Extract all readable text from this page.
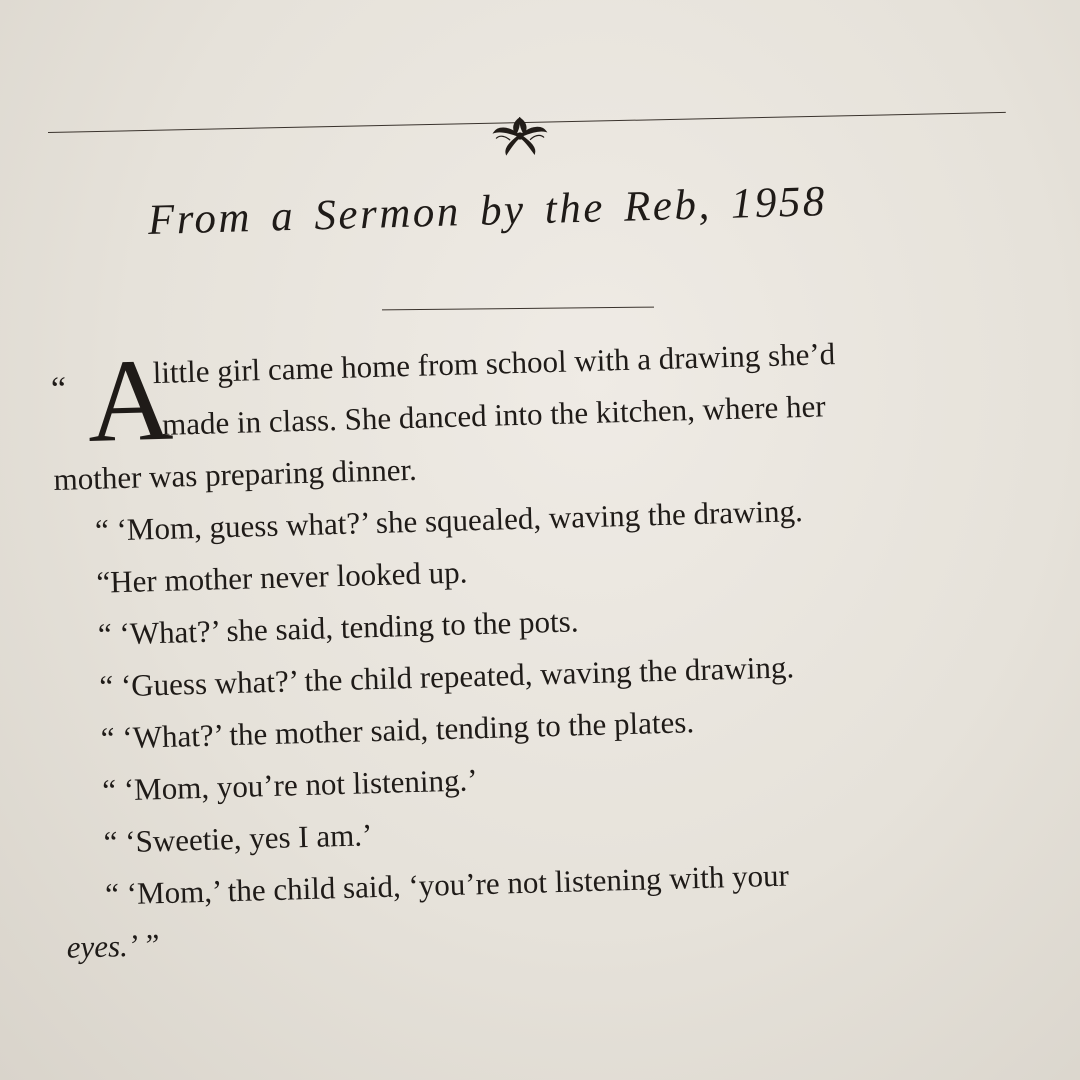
From a Sermon by the Reb, 1958
“ A
little girl came home from school with a drawing she’d
made in class. She danced into the kitchen, where her
mother was preparing dinner.
“ ‘Mom, guess what?’ she squealed, waving the drawing.
“Her mother never looked up.
“ ‘What?’ she said, tending to the pots.
“ ‘Guess what?’ the child repeated, waving the drawing.
“ ‘What?’ the mother said, tending to the plates.
“ ‘Mom, you’re not listening.’
“ ‘Sweetie, yes I am.’
“ ‘Mom,’ the child said, ‘you’re not listening with your
eyes.’ ”
